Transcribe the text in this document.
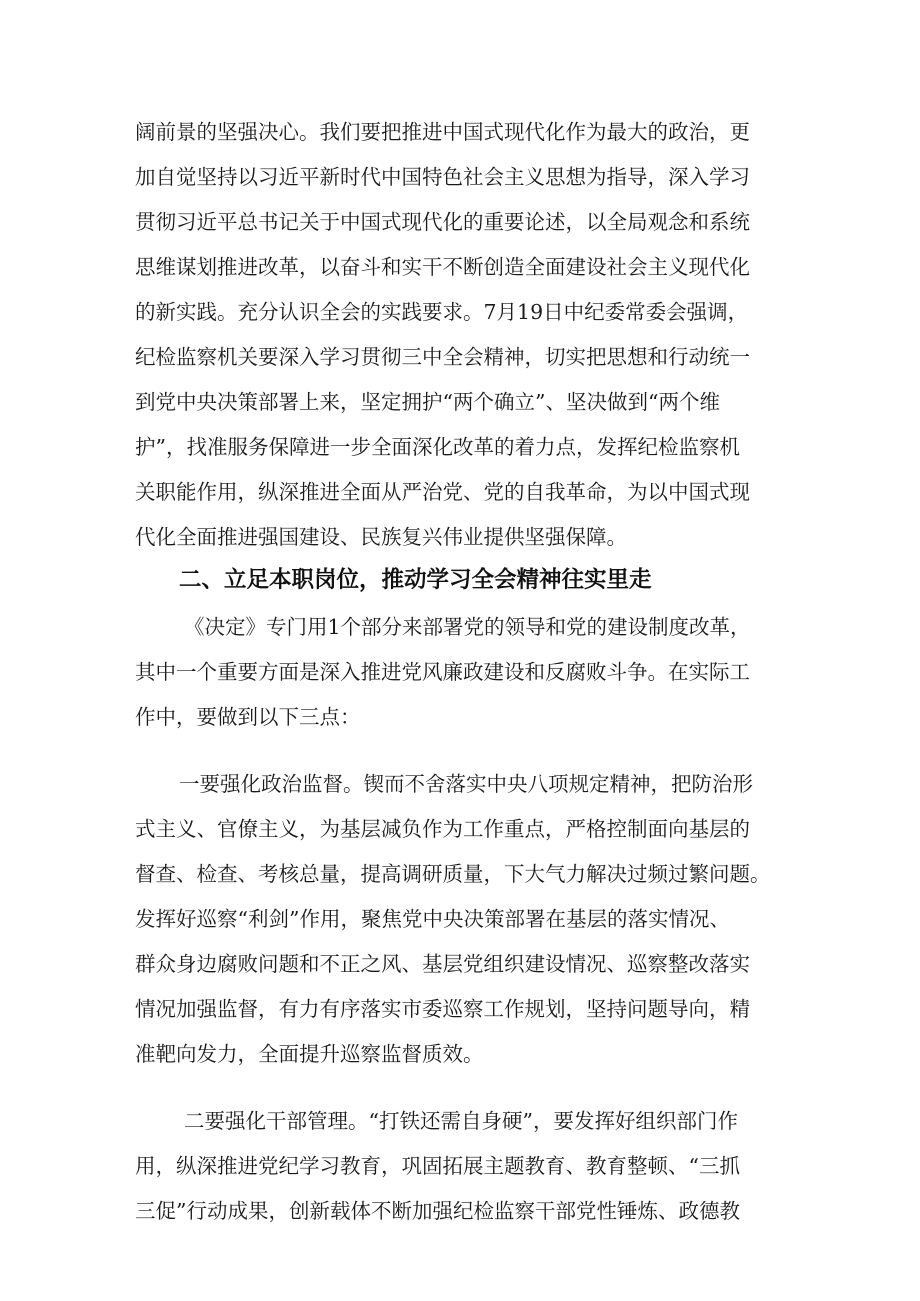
阔前景的坚强决心。我们要把推进中国式现代化作为最大的政治，更
加自觉坚持以习近平新时代中国特色社会主义思想为指导，深入学习
贯彻习近平总书记关于中国式现代化的重要论述，以全局观念和系统
思维谋划推进改革，以奋斗和实干不断创造全面建设社会主义现代化
的新实践。充分认识全会的实践要求。7月19日中纪委常委会强调，
纪检监察机关要深入学习贯彻三中全会精神，切实把思想和行动统一
到党中央决策部署上来，坚定拥护“两个确立”、坚决做到“两个维
护”，找准服务保障进一步全面深化改革的着力点，发挥纪检监察机
关职能作用，纵深推进全面从严治党、党的自我革命，为以中国式现
代化全面推进强国建设、民族复兴伟业提供坚强保障。
二、立足本职岗位，推动学习全会精神往实里走
《决定》专门用1个部分来部署党的领导和党的建设制度改革，
其中一个重要方面是深入推进党风廉政建设和反腐败斗争。在实际工
作中，要做到以下三点：
一要强化政治监督。锲而不舍落实中央八项规定精神，把防治形
式主义、官僚主义，为基层减负作为工作重点，严格控制面向基层的
督查、检查、考核总量，提高调研质量，下大气力解决过频过繁问题。
发挥好巡察“利剑”作用，聚焦党中央决策部署在基层的落实情况、
群众身边腐败问题和不正之风、基层党组织建设情况、巡察整改落实
情况加强监督，有力有序落实市委巡察工作规划，坚持问题导向，精
准靶向发力，全面提升巡察监督质效。
二要强化干部管理。“打铁还需自身硬”，要发挥好组织部门作
用，纵深推进党纪学习教育，巩固拓展主题教育、教育整顿、“三抓
三促”行动成果，创新载体不断加强纪检监察干部党性锤炼、政德教
